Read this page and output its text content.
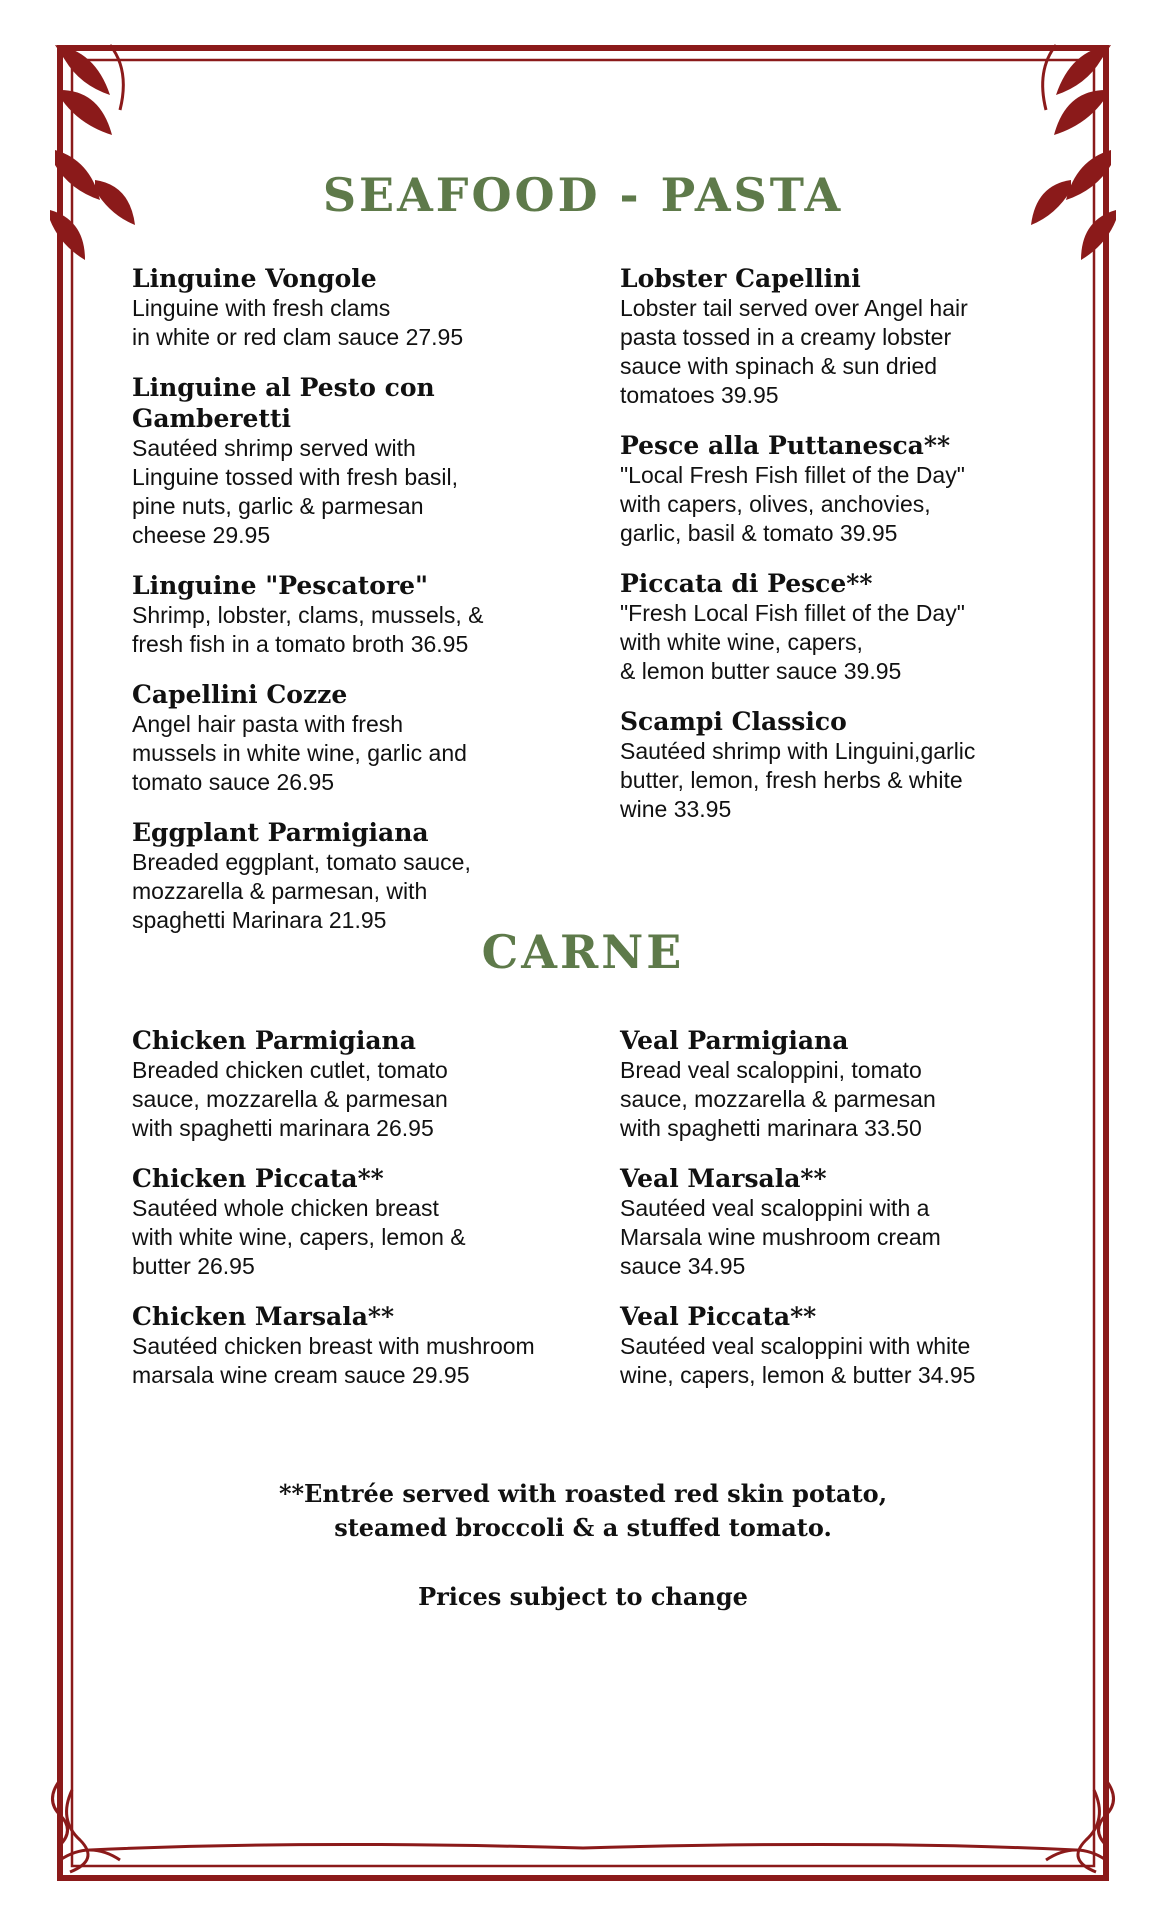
SEAFOOD - PASTA

Linguine Vongole

Linguine with fresh clams
in white or red clam sauce 27.95

Linguine al Pesto con Gamberetti

Sautéed shrimp served with
Linguine tossed with fresh basil,
pine nuts, garlic & parmesan
cheese 29.95

Linguine "Pescatore"

Shrimp, lobster, clams, mussels, &
fresh fish in a tomato broth 36.95

Capellini Cozze

Angel hair pasta with fresh
mussels in white wine, garlic and
tomato sauce 26.95

Eggplant Parmigiana

Breaded eggplant, tomato sauce,
mozzarella & parmesan, with
spaghetti Marinara 21.95

Lobster Capellini

Lobster tail served over Angel hair
pasta tossed in a creamy lobster
sauce with spinach & sun dried
tomatoes 39.95

Pesce alla Puttanesca**

"Local Fresh Fish fillet of the Day"
with capers, olives, anchovies,
garlic, basil & tomato 39.95

Piccata di Pesce**

"Fresh Local Fish fillet of the Day"
with white wine, capers,
& lemon butter sauce 39.95

Scampi Classico

Sautéed shrimp with Linguini,garlic
butter, lemon, fresh herbs & white
wine 33.95

CARNE

Chicken Parmigiana

Breaded chicken cutlet, tomato
sauce, mozzarella & parmesan
with spaghetti marinara 26.95

Chicken Piccata**

Sautéed whole chicken breast
with white wine, capers, lemon &
butter 26.95

Chicken Marsala**

Sautéed chicken breast with mushroom
marsala wine cream sauce 29.95

Veal Parmigiana

Bread veal scaloppini, tomato
sauce, mozzarella & parmesan
with spaghetti marinara 33.50

Veal Marsala**

Sautéed veal scaloppini with a
Marsala wine mushroom cream
sauce 34.95

Veal Piccata**

Sautéed veal scaloppini with white
wine, capers, lemon & butter 34.95

**Entrée served with roasted red skin potato,
steamed broccoli & a stuffed tomato.

Prices subject to change
